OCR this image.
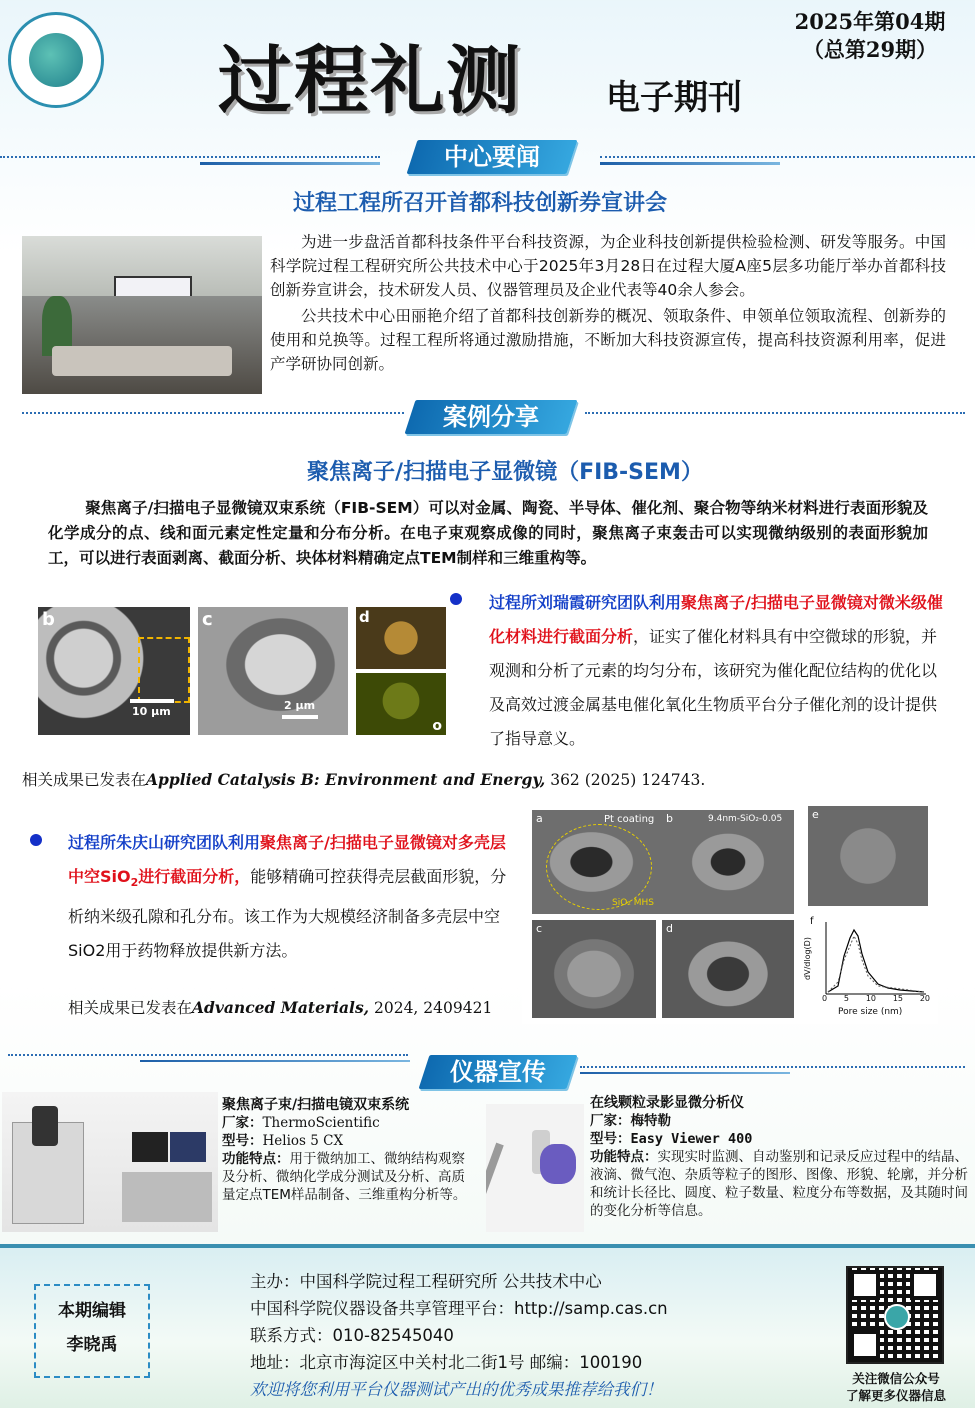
过程礼测 电子期刊
2025年第04期
（总第29期）
中心要闻
过程工程所召开首都科技创新券宣讲会

为进一步盘活首都科技条件平台科技资源，为企业科技创新提供检验检测、研发等服务。中国科学院过程工程研究所公共技术中心于2025年3月28日在过程大厦A座5层多功能厅举办首都科技创新券宣讲会，技术研发人员、仪器管理员及企业代表等40余人参会。

公共技术中心田丽艳介绍了首都科技创新券的概况、领取条件、申领单位领取流程、创新券的使用和兑换等。过程工程所将通过激励措施，不断加大科技资源宣传，提高科技资源利用率，促进产学研协同创新。

案例分享
聚焦离子/扫描电子显微镜（FIB-SEM）
聚焦离子/扫描电子显微镜双束系统（FIB-SEM）可以对金属、陶瓷、半导体、催化剂、聚合物等纳米材料进行表面形貌及化学成分的点、线和面元素定性定量和分布分析。在电子束观察成像的同时，聚焦离子束轰击可以实现微纳级别的表面形貌加工，可以进行表面剥离、截面分析、块体材料精确定点TEM制样和三维重构等。
b
10 μm
c
2 μm
d
o
过程所刘瑞霞研究团队利用聚焦离子/扫描电子显微镜对微米级催化材料进行截面分析，证实了催化材料具有中空微球的形貌，并观测和分析了元素的均匀分布，该研究为催化配位结构的优化以及高效过渡金属基电催化氧化生物质平台分子催化剂的设计提供了指导意义。
相关成果已发表在Applied Catalysis B: Environment and Energy, 362 (2025) 124743.
过程所朱庆山研究团队利用聚焦离子/扫描电子显微镜对多壳层中空SiO$_2$进行截面分析，能够精确可控获得壳层截面形貌，分析纳米级孔隙和孔分布。该工作为大规模经济制备多壳层中空SiO2用于药物释放提供新方法。
相关成果已发表在Advanced Materials, 2024, 2409421
a	Pt coating
SiO₂ MHS
b	9.4nm-SiO₂-0.05	e
c	d
f
dV/dlog(D)
0 5 10 15 20
Pore size (nm)
仪器宣传
聚焦离子束/扫描电镜双束系统
厂家：ThermoScientific
型号：Helios 5 CX
功能特点：用于微纳加工、微纳结构观察及分析、微纳化学成分测试及分析、高质量定点TEM样品制备、三维重构分析等。
在线颗粒录影显微分析仪
厂家：梅特勒
型号：Easy Viewer 400
功能特点：实现实时监测、自动鉴别和记录反应过程中的结晶、液滴、微气泡、杂质等粒子的图形、图像、形貌、轮廓，并分析和统计长径比、圆度、粒子数量、粒度分布等数据，及其随时间的变化分析等信息。
本期编辑
李晓禹
主办：中国科学院过程工程研究所 公共技术中心
中国科学院仪器设备共享管理平台：http://samp.cas.cn
联系方式：010-82545040
地址：北京市海淀区中关村北二街1号 邮编：100190
欢迎将您利用平台仪器测试产出的优秀成果推荐给我们！
关注微信公众号
了解更多仪器信息
